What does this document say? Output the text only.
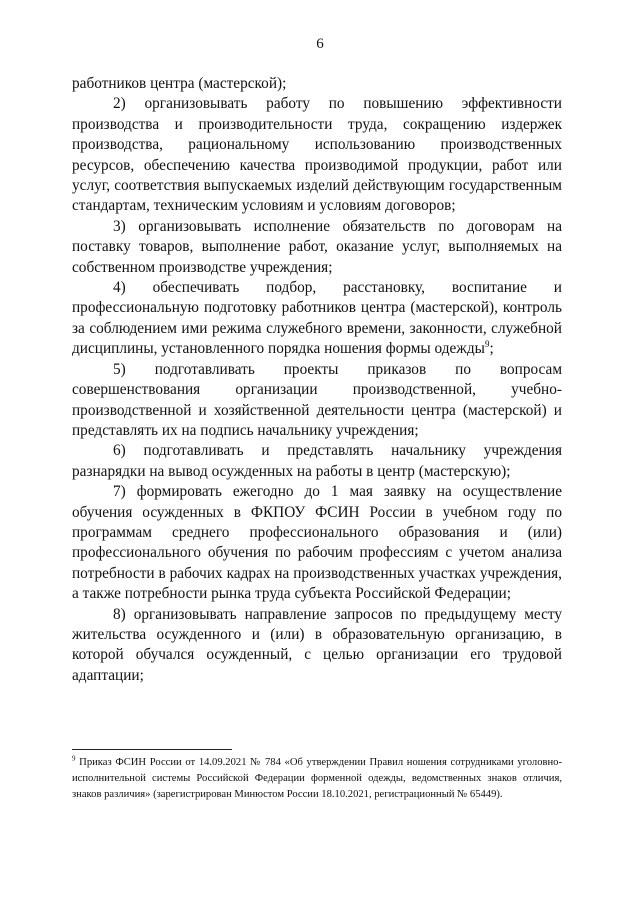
6

работников центра (мастерской);

2) организовывать работу по повышению эффективности производства и производительности труда, сокращению издержек производства, рациональному использованию производственных ресурсов, обеспечению качества производимой продукции, работ или услуг, соответствия выпускаемых изделий действующим государственным стандартам, техническим условиям и условиям договоров;

3) организовывать исполнение обязательств по договорам на поставку товаров, выполнение работ, оказание услуг, выполняемых на собственном производстве учреждения;

4) обеспечивать подбор, расстановку, воспитание и профессиональную подготовку работников центра (мастерской), контроль за соблюдением ими режима служебного времени, законности, служебной дисциплины, установленного порядка ношения формы одежды$^9$;

5) подготавливать проекты приказов по вопросам совершенствования организации производственной, учебно-производственной и хозяйственной деятельности центра (мастерской) и представлять их на подпись начальнику учреждения;

6) подготавливать и представлять начальнику учреждения разнарядки на вывод осужденных на работы в центр (мастерскую);

7) формировать ежегодно до 1 мая заявку на осуществление обучения осужденных в ФКПОУ ФСИН России в учебном году по программам среднего профессионального образования и (или) профессионального обучения по рабочим профессиям с учетом анализа потребности в рабочих кадрах на производственных участках учреждения, а также потребности рынка труда субъекта Российской Федерации;

8) организовывать направление запросов по предыдущему месту жительства осужденного и (или) в образовательную организацию, в которой обучался осужденный, с целью организации его трудовой адаптации;

$^9$ Приказ ФСИН России от 14.09.2021 № 784 «Об утверждении Правил ношения сотрудниками уголовно-исполнительной системы Российской Федерации форменной одежды, ведомственных знаков отличия, знаков различия» (зарегистрирован Минюстом России 18.10.2021, регистрационный № 65449).
